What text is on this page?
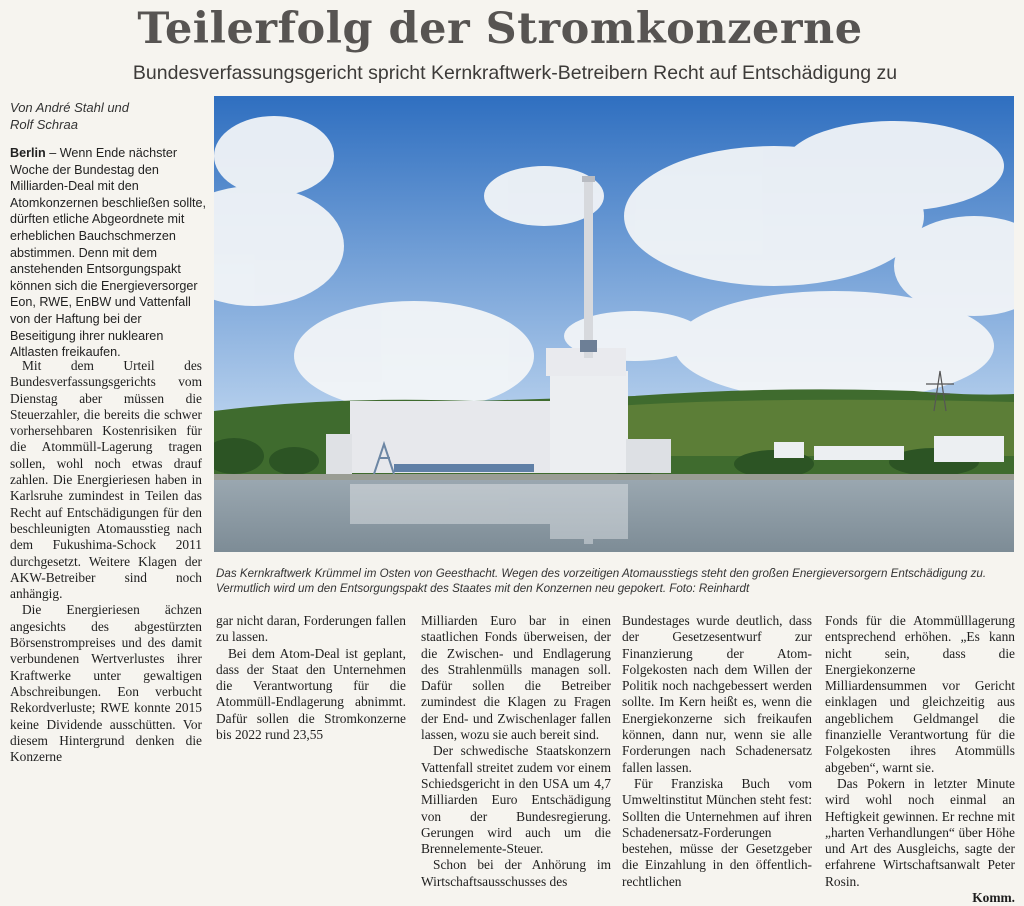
Teilerfolg der Stromkonzerne
Bundesverfassungsgericht spricht Kernkraftwerk-Betreibern Recht auf Entschädigung zu
Von André Stahl und
Rolf Schraa
Berlin – Wenn Ende nächster Woche der Bundestag den Milliarden-Deal mit den Atomkonzernen beschließen sollte, dürften etliche Abgeordnete mit erheblichen Bauchschmerzen abstimmen. Denn mit dem anstehenden Entsorgungspakt können sich die Energieversorger Eon, RWE, EnBW und Vattenfall von der Haftung bei der Beseitigung ihrer nuklearen Altlasten freikaufen.
Das Kernkraftwerk Krümmel im Osten von Geesthacht. Wegen des vorzeitigen Atomausstiegs steht den großen Energieversorgern Entschädigung zu. Vermutlich wird um den Entsorgungspakt des Staates mit den Konzernen neu gepokert. Foto: Reinhardt

Mit dem Urteil des Bundesverfassungsgerichts vom Dienstag aber müssen die Steuerzahler, die bereits die schwer vorhersehbaren Kostenrisiken für die Atommüll-Lagerung tragen sollen, wohl noch etwas drauf zahlen. Die Energieriesen haben in Karlsruhe zumindest in Teilen das Recht auf Entschädigungen für den beschleunigten Atomausstieg nach dem Fukushima-Schock 2011 durchgesetzt. Weitere Klagen der AKW-Betreiber sind noch anhängig.

Die Energieriesen ächzen angesichts des abgestürzten Börsenstrompreises und des damit verbundenen Wertverlustes ihrer Kraftwerke unter gewaltigen Abschreibungen. Eon verbucht Rekordverluste; RWE konnte 2015 keine Dividende ausschütten. Vor diesem Hintergrund denken die Konzerne

gar nicht daran, Forderungen fallen zu lassen.

Bei dem Atom-Deal ist geplant, dass der Staat den Unternehmen die Verantwortung für die Atommüll-Endlagerung abnimmt. Dafür sollen die Stromkonzerne bis 2022 rund 23,55

Milliarden Euro bar in einen staatlichen Fonds überweisen, der die Zwischen- und Endlagerung des Strahlenmülls managen soll. Dafür sollen die Betreiber zumindest die Klagen zu Fragen der End- und Zwischenlager fallen lassen, wozu sie auch bereit sind.

Der schwedische Staatskonzern Vattenfall streitet zudem vor einem Schiedsgericht in den USA um 4,7 Milliarden Euro Entschädigung von der Bundesregierung. Gerungen wird auch um die Brennelemente-Steuer.

Schon bei der Anhörung im Wirtschaftsausschusses des

Bundestages wurde deutlich, dass der Gesetzesentwurf zur Finanzierung der Atom-Folgekosten nach dem Willen der Politik noch nachgebessert werden sollte. Im Kern heißt es, wenn die Energiekonzerne sich freikaufen können, dann nur, wenn sie alle Forderungen nach Schadenersatz fallen lassen.

Für Franziska Buch vom Umweltinstitut München steht fest: Sollten die Unternehmen auf ihren Schadenersatz-Forderungen bestehen, müsse der Gesetzgeber die Einzahlung in den öffentlich-rechtlichen

Fonds für die Atommülllagerung entsprechend erhöhen. „Es kann nicht sein, dass die Energiekonzerne Milliardensummen vor Gericht einklagen und gleichzeitig aus angeblichem Geldmangel die finanzielle Verantwortung für die Folgekosten ihres Atommülls abgeben“, warnt sie.

Das Pokern in letzter Minute wird wohl noch einmal an Heftigkeit gewinnen. Er rechne mit „harten Verhandlungen“ über Höhe und Art des Ausgleichs, sagte der erfahrene Wirtschaftsanwalt Peter Rosin.

Komm.
